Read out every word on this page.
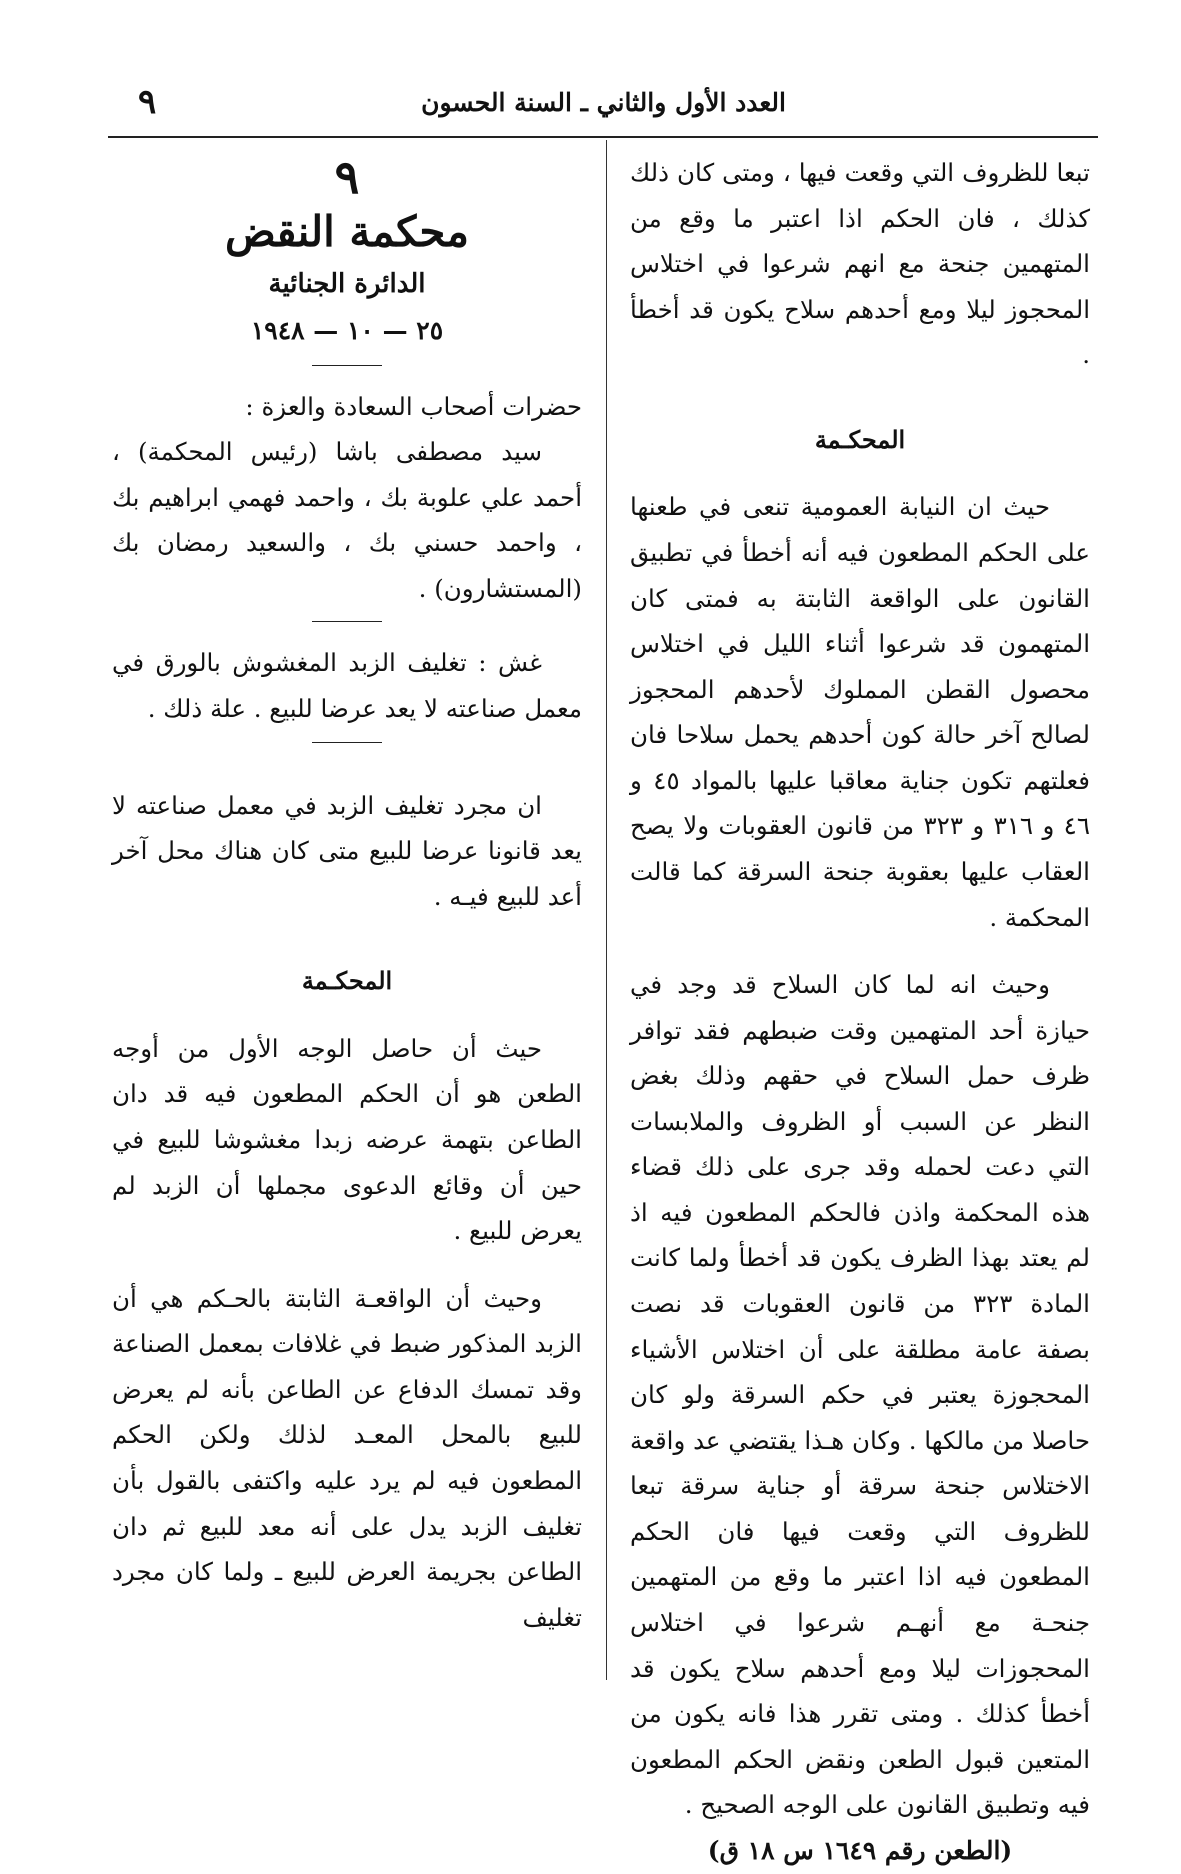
العدد الأول والثاني ـ السنة الحسون
٩

تبعا للظروف التي وقعت فيها ، ومتى كان ذلك كذلك ، فان الحكم اذا اعتبر ما وقع من المتهمين جنحة مع انهم شرعوا في اختلاس المحجوز ليلا ومع أحدهم سلاح يكون قد أخطأ .

المحكـمة

حيث ان النيابة العمومية تنعى في طعنها على الحكم المطعون فيه أنه أخطأ في تطبيق القانون على الواقعة الثابتة به فمتى كان المتهمون قد شرعوا أثناء الليل في اختلاس محصول القطن المملوك لأحدهم المحجوز لصالح آخر حالة كون أحدهم يحمل سلاحا فان فعلتهم تكون جناية معاقبا عليها بالمواد ٤٥ و ٤٦ و ٣١٦ و ٣٢٣ من قانون العقوبات ولا يصح العقاب عليها بعقوبة جنحة السرقة كما قالت المحكمة .

وحيث انه لما كان السلاح قد وجد في حيازة أحد المتهمين وقت ضبطهم فقد توافر ظرف حمل السلاح في حقهم وذلك بغض النظر عن السبب أو الظروف والملابسات التي دعت لحمله وقد جرى على ذلك قضاء هذه المحكمة واذن فالحكم المطعون فيه اذ لم يعتد بهذا الظرف يكون قد أخطأ ولما كانت المادة ٣٢٣ من قانون العقوبات قد نصت بصفة عامة مطلقة على أن اختلاس الأشياء المحجوزة يعتبر في حكم السرقة ولو كان حاصلا من مالكها . وكان هـذا يقتضي عد واقعة الاختلاس جنحة سرقة أو جناية سرقة تبعا للظروف التي وقعت فيها فان الحكم المطعون فيه اذا اعتبر ما وقع من المتهمين جنحـة مع أنهـم شرعوا في اختلاس المحجوزات ليلا ومع أحدهم سلاح يكون قد أخطأ كذلك . ومتى تقرر هذا فانه يكون من المتعين قبول الطعن ونقض الحكم المطعون فيه وتطبيق القانون على الوجه الصحيح .

(الطعن رقم ١٦٤٩ س ١٨ ق)

٩

محكمة النقض

الدائرة الجنائية

٢٥ — ١٠ — ١٩٤٨

حضرات أصحاب السعادة والعزة :

سيد مصطفى باشا (رئيس المحكمة) ، أحمد علي علوبة بك ، واحمد فهمي ابراهيم بك ، واحمد حسني بك ، والسعيد رمضان بك (المستشارون) .

غش : تغليف الزبد المغشوش بالورق في معمل صناعته لا يعد عرضا للبيع . علة ذلك .

ان مجرد تغليف الزبد في معمل صناعته لا يعد قانونا عرضا للبيع متى كان هناك محل آخر أعد للبيع فيـه .

المحكـمة

حيث أن حاصل الوجه الأول من أوجه الطعن هو أن الحكم المطعون فيه قد دان الطاعن بتهمة عرضه زبدا مغشوشا للبيع في حين أن وقائع الدعوى مجملها أن الزبد لم يعرض للبيع .

وحيث أن الواقعـة الثابتة بالحـكم هي أن الزبد المذكور ضبط في غلافات بمعمل الصناعة وقد تمسك الدفاع عن الطاعن بأنه لم يعرض للبيع بالمحل المعـد لذلك ولكن الحكم المطعون فيه لم يرد عليه واكتفى بالقول بأن تغليف الزبد يدل على أنه معد للبيع ثم دان الطاعن بجريمة العرض للبيع ـ ولما كان مجرد تغليف
